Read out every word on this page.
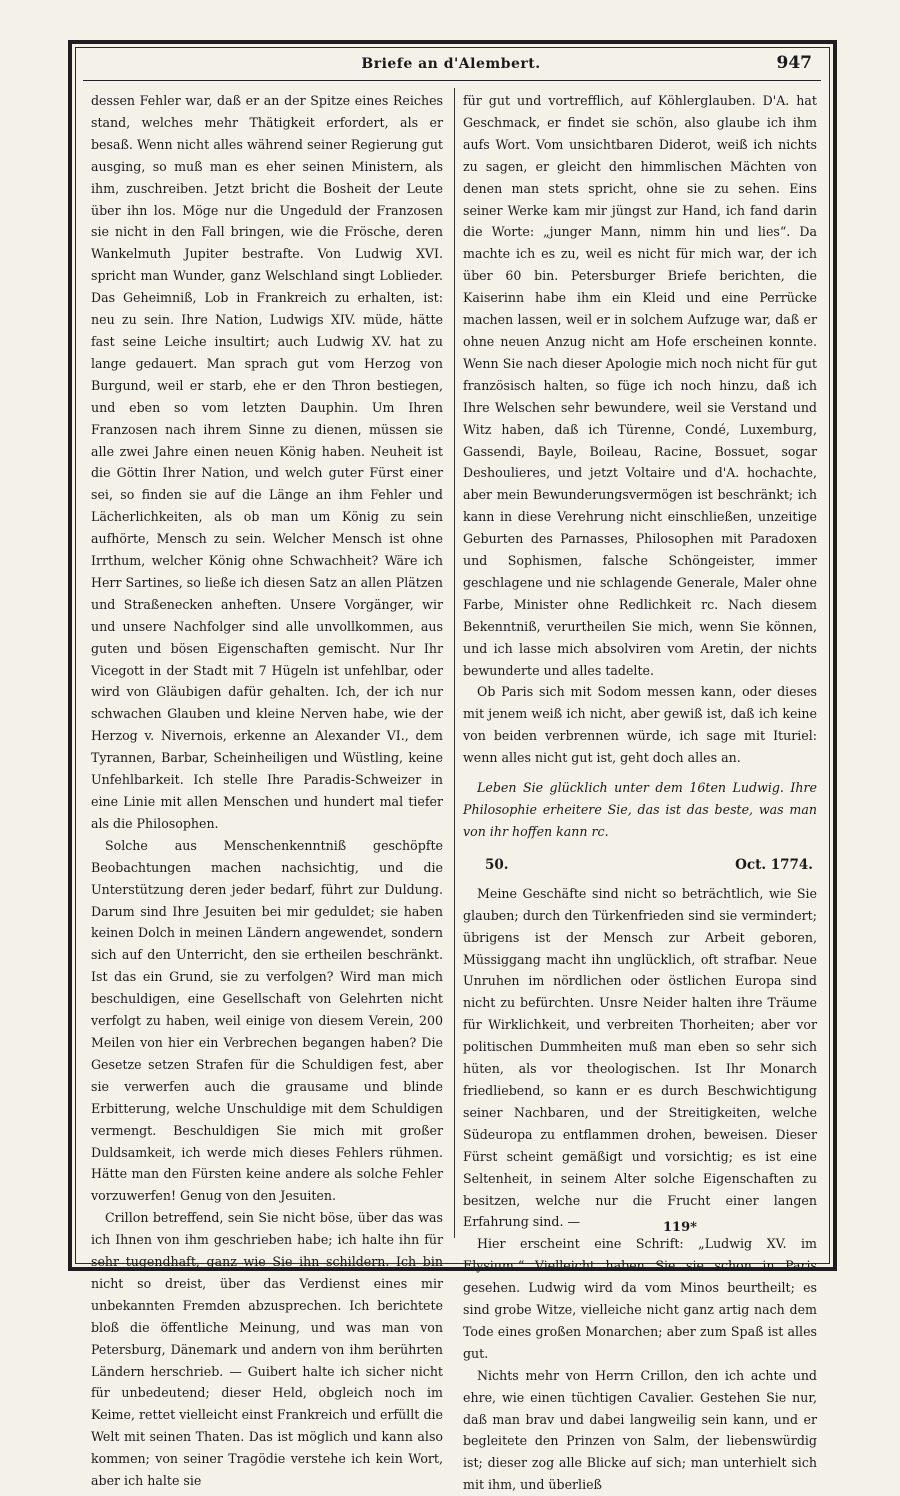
Briefe an d'Alembert.	947

dessen Fehler war, daß er an der Spitze eines Reiches stand, welches mehr Thätigkeit erfordert, als er besaß. Wenn nicht alles während seiner Regierung gut ausging, so muß man es eher seinen Ministern, als ihm, zuschreiben. Jetzt bricht die Bosheit der Leute über ihn los. Möge nur die Ungeduld der Franzosen sie nicht in den Fall bringen, wie die Frösche, deren Wankelmuth Jupiter bestrafte. Von Ludwig XVI. spricht man Wunder, ganz Welschland singt Loblieder. Das Geheimniß, Lob in Frankreich zu erhalten, ist: neu zu sein. Ihre Nation, Ludwigs XIV. müde, hätte fast seine Leiche insultirt; auch Ludwig XV. hat zu lange gedauert. Man sprach gut vom Herzog von Burgund, weil er starb, ehe er den Thron bestiegen, und eben so vom letzten Dauphin. Um Ihren Franzosen nach ihrem Sinne zu dienen, müssen sie alle zwei Jahre einen neuen König haben. Neuheit ist die Göttin Ihrer Nation, und welch guter Fürst einer sei, so finden sie auf die Länge an ihm Fehler und Lächerlichkeiten, als ob man um König zu sein aufhörte, Mensch zu sein. Welcher Mensch ist ohne Irrthum, welcher König ohne Schwachheit? Wäre ich Herr Sartines, so ließe ich diesen Satz an allen Plätzen und Straßenecken anheften. Unsere Vorgänger, wir und unsere Nachfolger sind alle unvollkommen, aus guten und bösen Eigenschaften gemischt. Nur Ihr Vicegott in der Stadt mit 7 Hügeln ist unfehlbar, oder wird von Gläubigen dafür gehalten. Ich, der ich nur schwachen Glauben und kleine Nerven habe, wie der Herzog v. Nivernois, erkenne an Alexander VI., dem Tyrannen, Barbar, Scheinheiligen und Wüstling, keine Unfehlbarkeit. Ich stelle Ihre Paradis-Schweizer in eine Linie mit allen Menschen und hundert mal tiefer als die Philosophen.

Solche aus Menschenkenntniß geschöpfte Beobachtungen machen nachsichtig, und die Unterstützung deren jeder bedarf, führt zur Duldung. Darum sind Ihre Jesuiten bei mir geduldet; sie haben keinen Dolch in meinen Ländern angewendet, sondern sich auf den Unterricht, den sie ertheilen beschränkt. Ist das ein Grund, sie zu verfolgen? Wird man mich beschuldigen, eine Gesellschaft von Gelehrten nicht verfolgt zu haben, weil einige von diesem Verein, 200 Meilen von hier ein Verbrechen begangen haben? Die Gesetze setzen Strafen für die Schuldigen fest, aber sie verwerfen auch die grausame und blinde Erbitterung, welche Unschuldige mit dem Schuldigen vermengt. Beschuldigen Sie mich mit großer Duldsamkeit, ich werde mich dieses Fehlers rühmen. Hätte man den Fürsten keine andere als solche Fehler vorzuwerfen! Genug von den Jesuiten.

Crillon betreffend, sein Sie nicht böse, über das was ich Ihnen von ihm geschrieben habe; ich halte ihn für sehr tugendhaft, ganz wie Sie ihn schildern. Ich bin nicht so dreist, über das Verdienst eines mir unbekannten Fremden abzusprechen. Ich berichtete bloß die öffentliche Meinung, und was man von Petersburg, Dänemark und andern von ihm berührten Ländern herschrieb. — Guibert halte ich sicher nicht für unbedeutend; dieser Held, obgleich noch im Keime, rettet vielleicht einst Frankreich und erfüllt die Welt mit seinen Thaten. Das ist möglich und kann also kommen; von seiner Tragödie verstehe ich kein Wort, aber ich halte sie

für gut und vortrefflich, auf Köhlerglauben. D'A. hat Geschmack, er findet sie schön, also glaube ich ihm aufs Wort. Vom unsichtbaren Diderot, weiß ich nichts zu sagen, er gleicht den himmlischen Mächten von denen man stets spricht, ohne sie zu sehen. Eins seiner Werke kam mir jüngst zur Hand, ich fand darin die Worte: „junger Mann, nimm hin und lies“. Da machte ich es zu, weil es nicht für mich war, der ich über 60 bin. Petersburger Briefe berichten, die Kaiserinn habe ihm ein Kleid und eine Perrücke machen lassen, weil er in solchem Aufzuge war, daß er ohne neuen Anzug nicht am Hofe erscheinen konnte. Wenn Sie nach dieser Apologie mich noch nicht für gut französisch halten, so füge ich noch hinzu, daß ich Ihre Welschen sehr bewundere, weil sie Verstand und Witz haben, daß ich Türenne, Condé, Luxemburg, Gassendi, Bayle, Boileau, Racine, Bossuet, sogar Deshoulieres, und jetzt Voltaire und d'A. hochachte, aber mein Bewunderungsvermögen ist beschränkt; ich kann in diese Verehrung nicht einschließen, unzeitige Geburten des Parnasses, Philosophen mit Paradoxen und Sophismen, falsche Schöngeister, immer geschlagene und nie schlagende Generale, Maler ohne Farbe, Minister ohne Redlichkeit rc. Nach diesem Bekenntniß, verurtheilen Sie mich, wenn Sie können, und ich lasse mich absolviren vom Aretin, der nichts bewunderte und alles tadelte.

Ob Paris sich mit Sodom messen kann, oder dieses mit jenem weiß ich nicht, aber gewiß ist, daß ich keine von beiden verbrennen würde, ich sage mit Ituriel: wenn alles nicht gut ist, geht doch alles an.

Leben Sie glücklich unter dem 16ten Ludwig. Ihre Philosophie erheitere Sie, das ist das beste, was man von ihr hoffen kann rc.

50.	Oct. 1774.

Meine Geschäfte sind nicht so beträchtlich, wie Sie glauben; durch den Türkenfrieden sind sie vermindert; übrigens ist der Mensch zur Arbeit geboren, Müssiggang macht ihn unglücklich, oft strafbar. Neue Unruhen im nördlichen oder östlichen Europa sind nicht zu befürchten. Unsre Neider halten ihre Träume für Wirklichkeit, und verbreiten Thorheiten; aber vor politischen Dummheiten muß man eben so sehr sich hüten, als vor theologischen. Ist Ihr Monarch friedliebend, so kann er es durch Beschwichtigung seiner Nachbaren, und der Streitigkeiten, welche Südeuropa zu entflammen drohen, beweisen. Dieser Fürst scheint gemäßigt und vorsichtig; es ist eine Seltenheit, in seinem Alter solche Eigenschaften zu besitzen, welche nur die Frucht einer langen Erfahrung sind. —

Hier erscheint eine Schrift: „Ludwig XV. im Elysium.“ Vielleicht haben Sie sie schon in Paris gesehen. Ludwig wird da vom Minos beurtheilt; es sind grobe Witze, vielleiche nicht ganz artig nach dem Tode eines großen Monarchen; aber zum Spaß ist alles gut.

Nichts mehr von Herrn Crillon, den ich achte und ehre, wie einen tüchtigen Cavalier. Gestehen Sie nur, daß man brav und dabei langweilig sein kann, und er begleitete den Prinzen von Salm, der liebenswürdig ist; dieser zog alle Blicke auf sich; man unterhielt sich mit ihm, und überließ

119*
